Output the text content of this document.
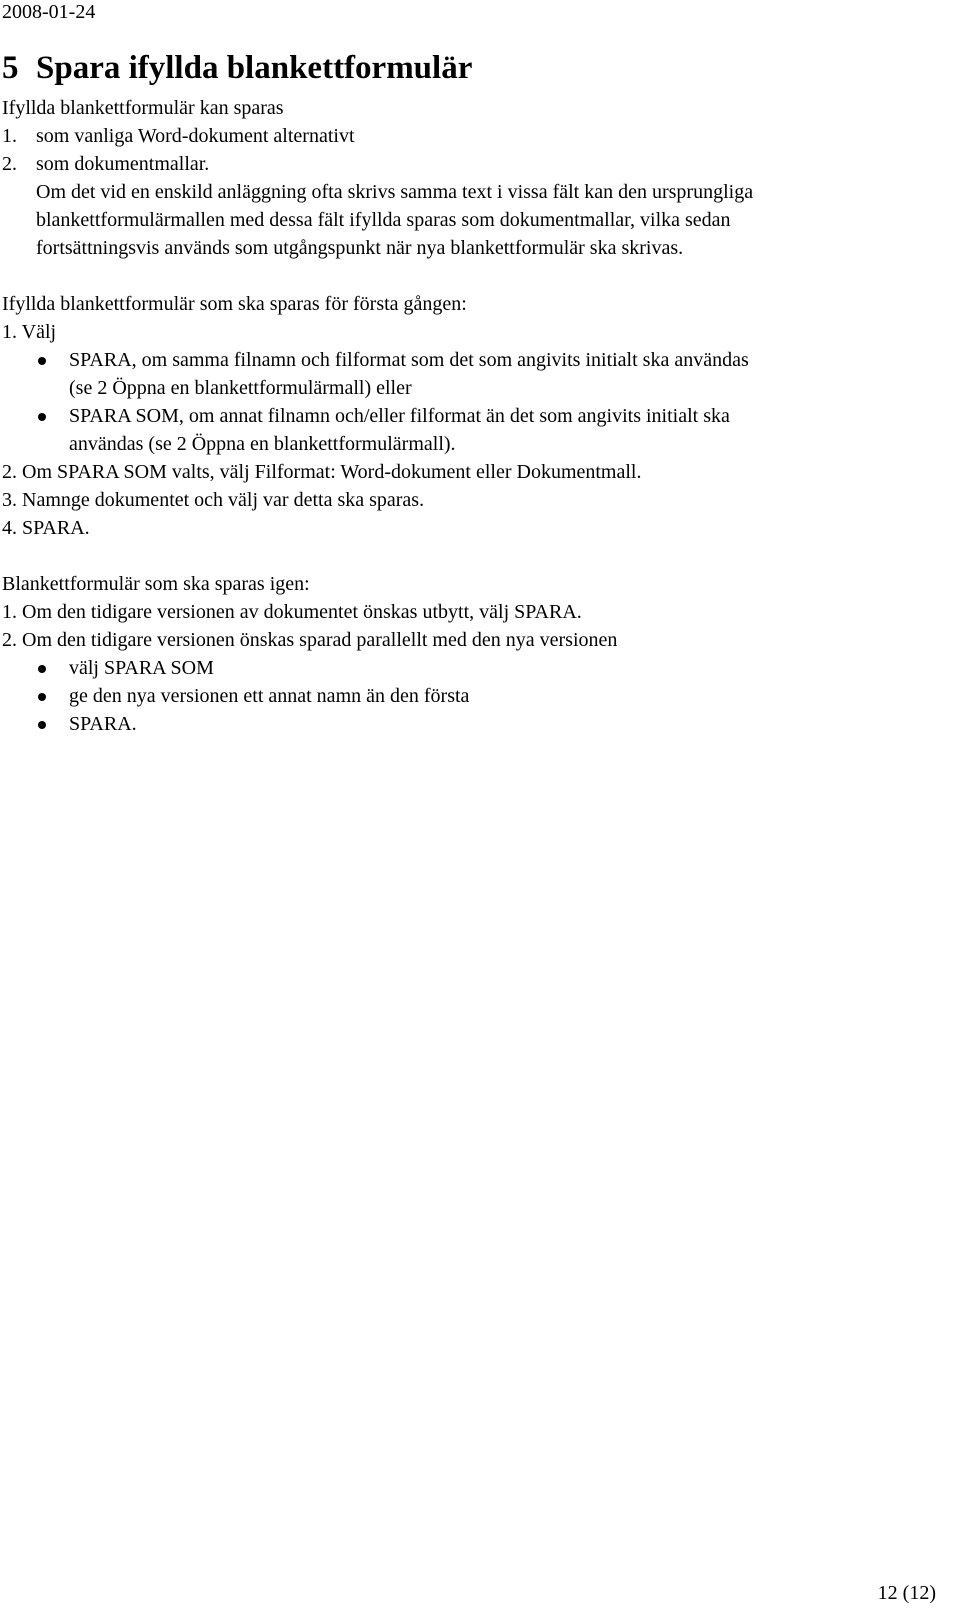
2008-01-24
5 Spara ifyllda blankettformulär
Ifyllda blankettformulär kan sparas
1. som vanliga Word-dokument alternativt
2. som dokumentmallar.
Om det vid en enskild anläggning ofta skrivs samma text i vissa fält kan den ursprungliga
blankettformulärmallen med dessa fält ifyllda sparas som dokumentmallar, vilka sedan
fortsättningsvis används som utgångspunkt när nya blankettformulär ska skrivas.
Ifyllda blankettformulär som ska sparas för första gången:
1. Välj
SPARA, om samma filnamn och filformat som det som angivits initialt ska användas
(se 2 Öppna en blankettformulärmall) eller
SPARA SOM, om annat filnamn och/eller filformat än det som angivits initialt ska
användas (se 2 Öppna en blankettformulärmall).
2. Om SPARA SOM valts, välj Filformat: Word-dokument eller Dokumentmall.
3. Namnge dokumentet och välj var detta ska sparas.
4. SPARA.
Blankettformulär som ska sparas igen:
1. Om den tidigare versionen av dokumentet önskas utbytt, välj SPARA.
2. Om den tidigare versionen önskas sparad parallellt med den nya versionen
välj SPARA SOM
ge den nya versionen ett annat namn än den första
SPARA.
12 (12)
